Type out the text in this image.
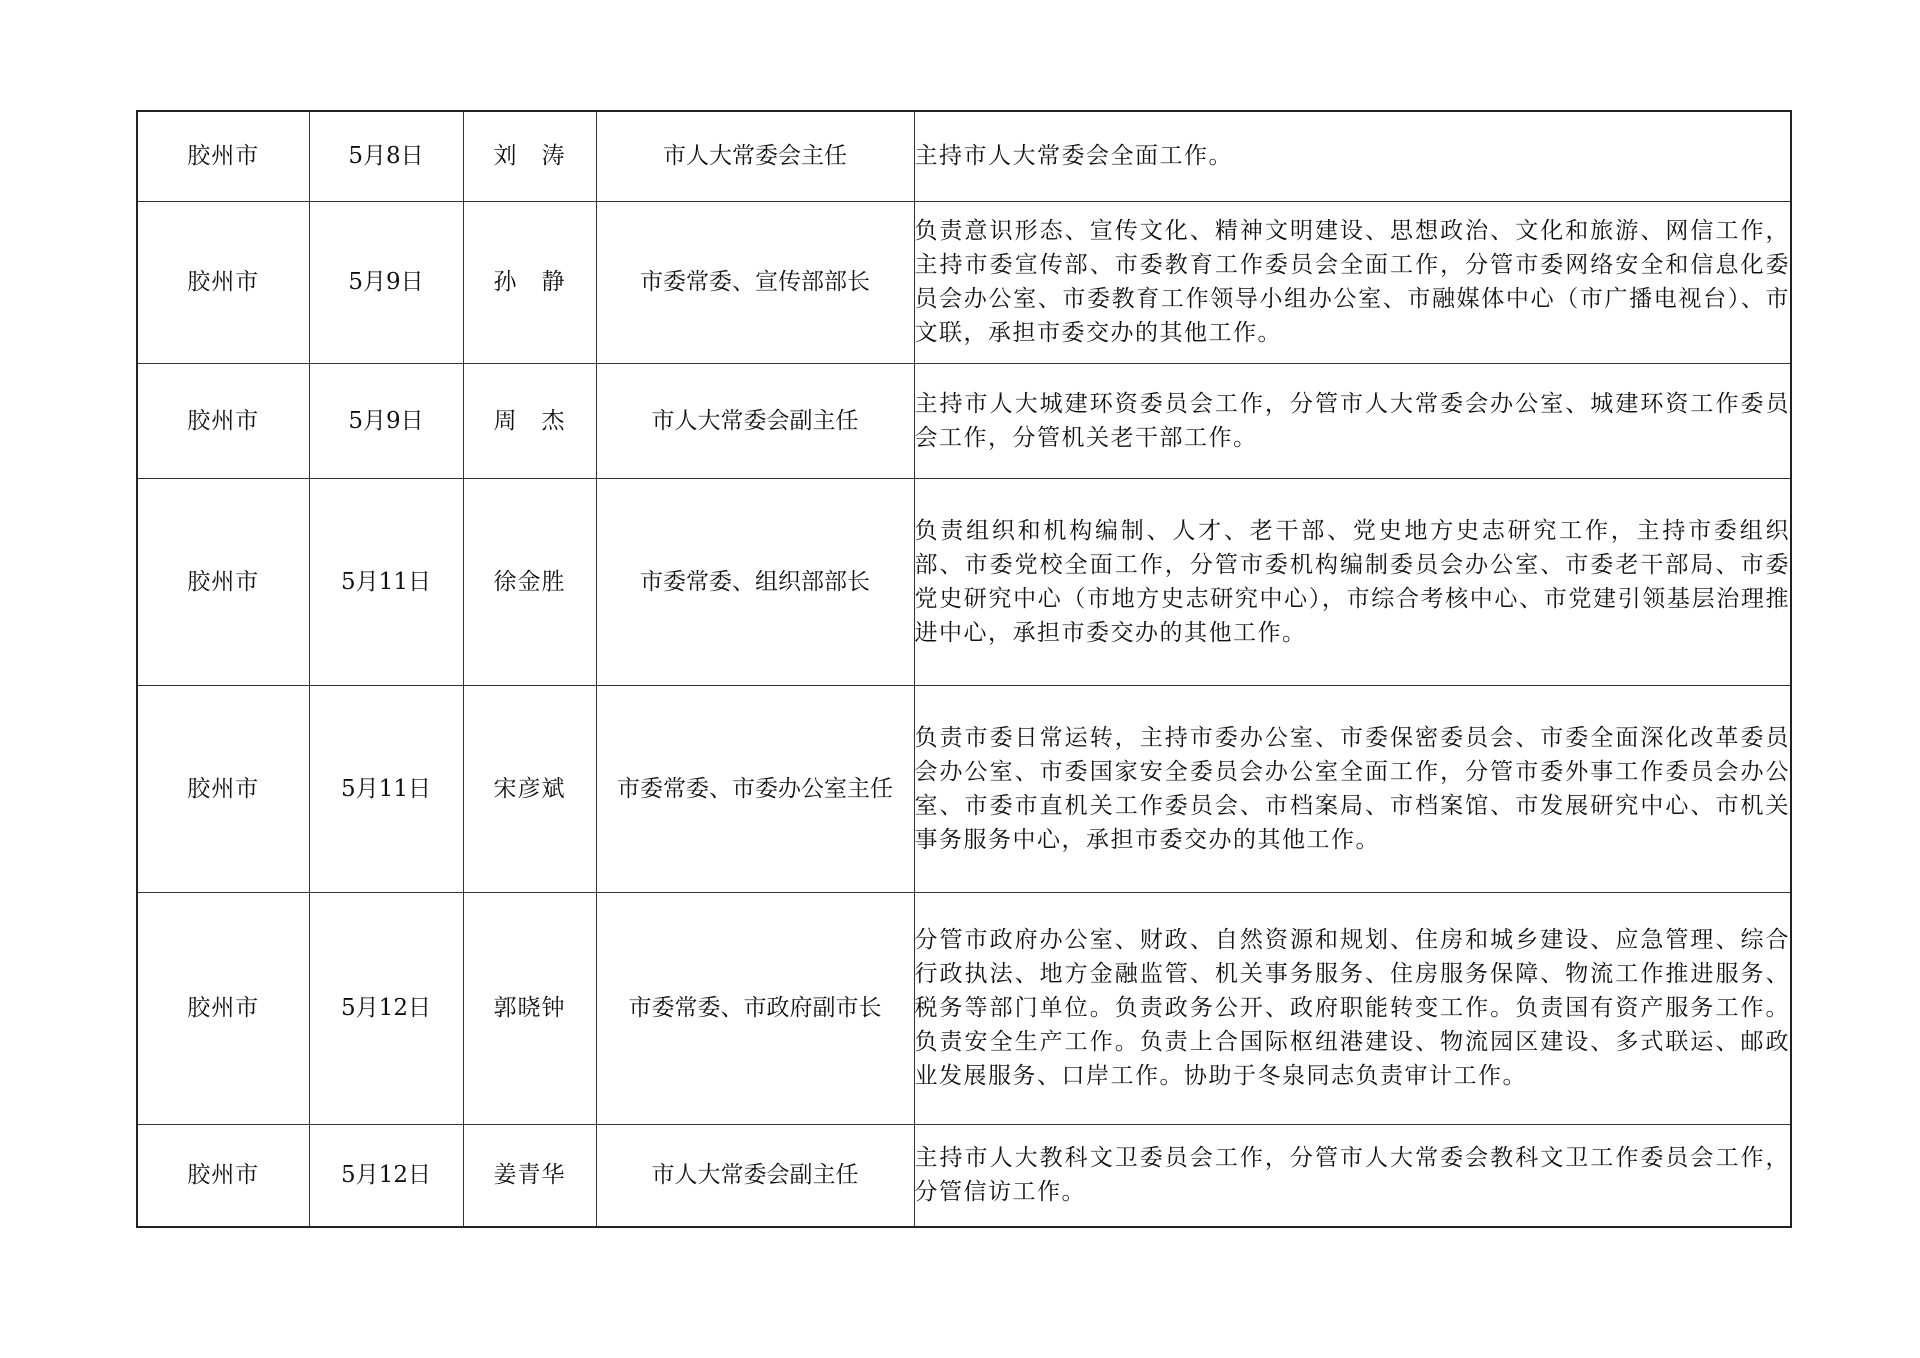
胶州市	5月8日	刘　涛	市人大常委会主任	主持市人大常委会全面工作。
胶州市	5月9日	孙　静	市委常委、宣传部部长	负责意识形态、宣传文化、精神文明建设、思想政治、文化和旅游、网信工作，主持市委宣传部、市委教育工作委员会全面工作，分管市委网络安全和信息化委员会办公室、市委教育工作领导小组办公室、市融媒体中心（市广播电视台）、市文联，承担市委交办的其他工作。
胶州市	5月9日	周　杰	市人大常委会副主任	主持市人大城建环资委员会工作，分管市人大常委会办公室、城建环资工作委员会工作，分管机关老干部工作。
胶州市	5月11日	徐金胜	市委常委、组织部部长	负责组织和机构编制、人才、老干部、党史地方史志研究工作，主持市委组织部、市委党校全面工作，分管市委机构编制委员会办公室、市委老干部局、市委党史研究中心（市地方史志研究中心），市综合考核中心、市党建引领基层治理推进中心，承担市委交办的其他工作。
胶州市	5月11日	宋彦斌	市委常委、市委办公室主任	负责市委日常运转，主持市委办公室、市委保密委员会、市委全面深化改革委员会办公室、市委国家安全委员会办公室全面工作，分管市委外事工作委员会办公室、市委市直机关工作委员会、市档案局、市档案馆、市发展研究中心、市机关事务服务中心，承担市委交办的其他工作。
胶州市	5月12日	郭晓钟	市委常委、市政府副市长	分管市政府办公室、财政、自然资源和规划、住房和城乡建设、应急管理、综合行政执法、地方金融监管、机关事务服务、住房服务保障、物流工作推进服务、税务等部门单位。负责政务公开、政府职能转变工作。负责国有资产服务工作。负责安全生产工作。负责上合国际枢纽港建设、物流园区建设、多式联运、邮政业发展服务、口岸工作。协助于冬泉同志负责审计工作。
胶州市	5月12日	姜青华	市人大常委会副主任	主持市人大教科文卫委员会工作，分管市人大常委会教科文卫工作委员会工作，分管信访工作。
